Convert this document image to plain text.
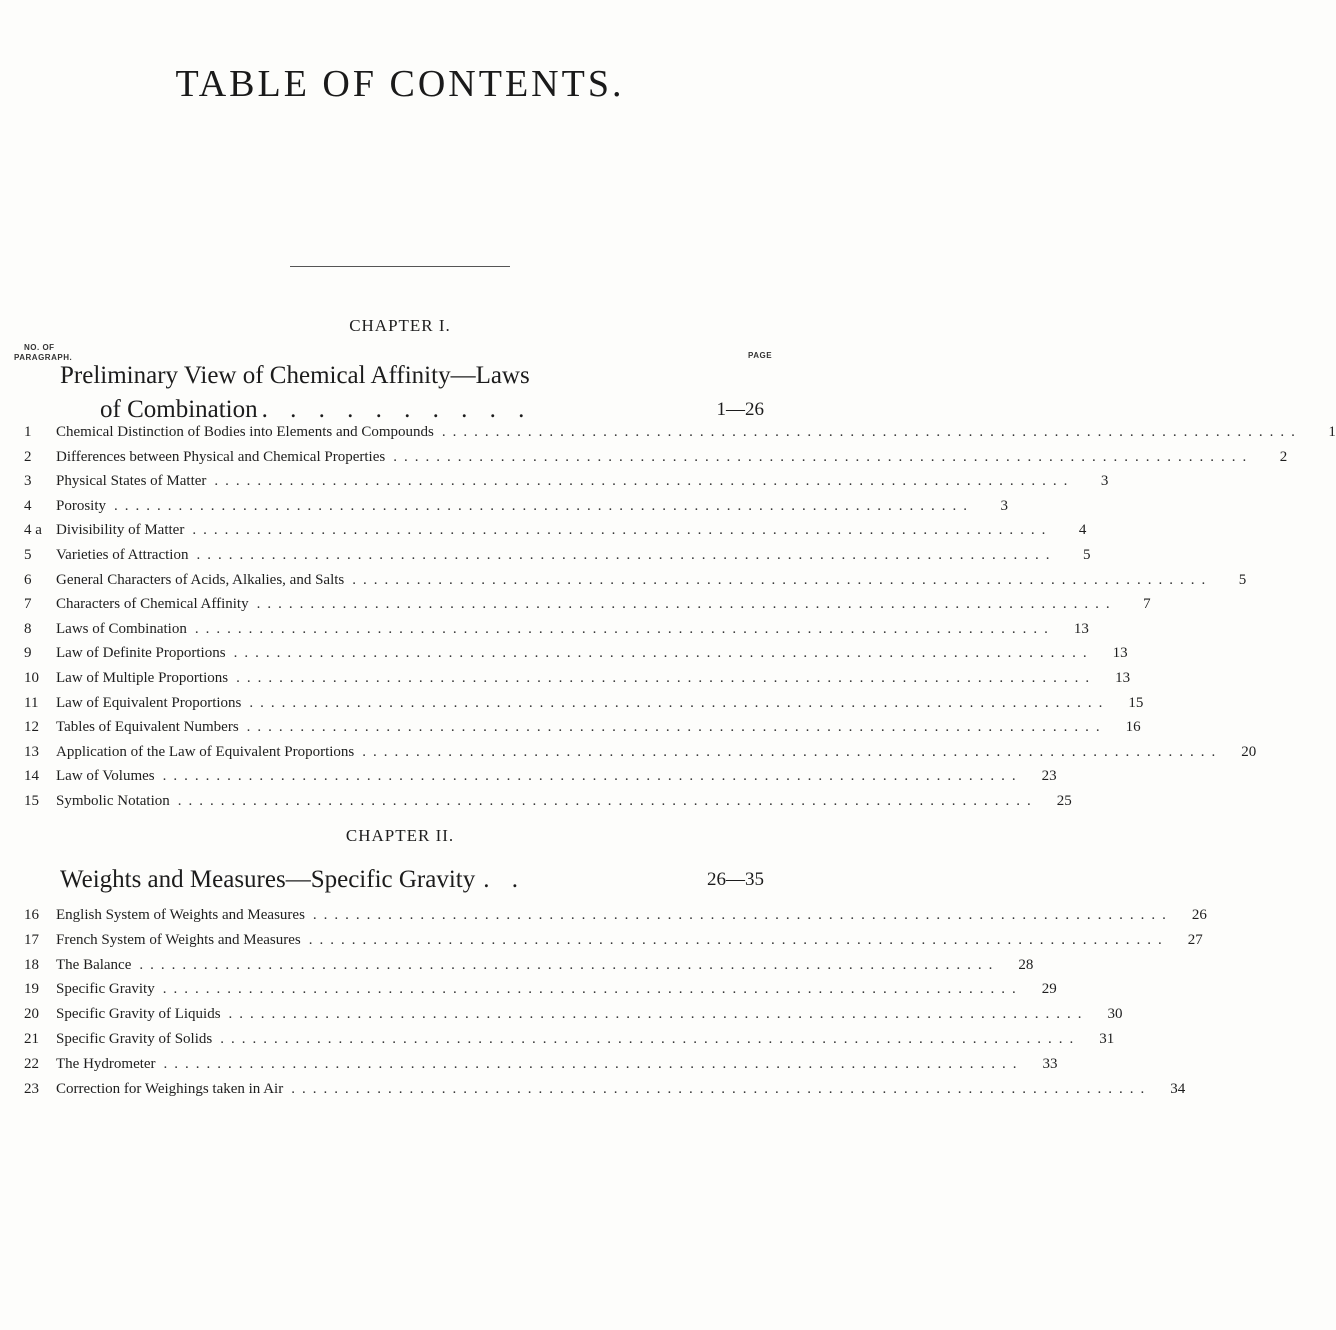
TABLE OF CONTENTS.
CHAPTER I.
NO. OF
PARAGRAPH.	PAGE
Preliminary View of Chemical Affinity—Laws
of Combination . . . . . . . . . .	1—26
1	Chemical Distinction of Bodies into Elements and Compounds ................................................................................	1
2	Differences between Physical and Chemical Properties ................................................................................	2
3	Physical States of Matter ................................................................................	3
4	Porosity ................................................................................	3
4 a Divisibility of Matter ................................................................................	4
5	Varieties of Attraction ................................................................................	5
6	General Characters of Acids, Alkalies, and Salts ................................................................................	5
7	Characters of Chemical Affinity ................................................................................	7
8	Laws of Combination ................................................................................	13
9	Law of Definite Proportions ................................................................................	13
10	Law of Multiple Proportions ................................................................................	13
11	Law of Equivalent Proportions ................................................................................	15
12	Tables of Equivalent Numbers ................................................................................	16
13	Application of the Law of Equivalent Proportions ................................................................................	20
14	Law of Volumes ................................................................................	23
15	Symbolic Notation ................................................................................	25
CHAPTER II.
Weights and Measures—Specific Gravity . .	26—35
16	English System of Weights and Measures ................................................................................	26
17	French System of Weights and Measures ................................................................................	27
18	The Balance ................................................................................	28
19	Specific Gravity ................................................................................	29
20	Specific Gravity of Liquids ................................................................................	30
21	Specific Gravity of Solids ................................................................................	31
22	The Hydrometer ................................................................................	33
23	Correction for Weighings taken in Air ................................................................................	34
